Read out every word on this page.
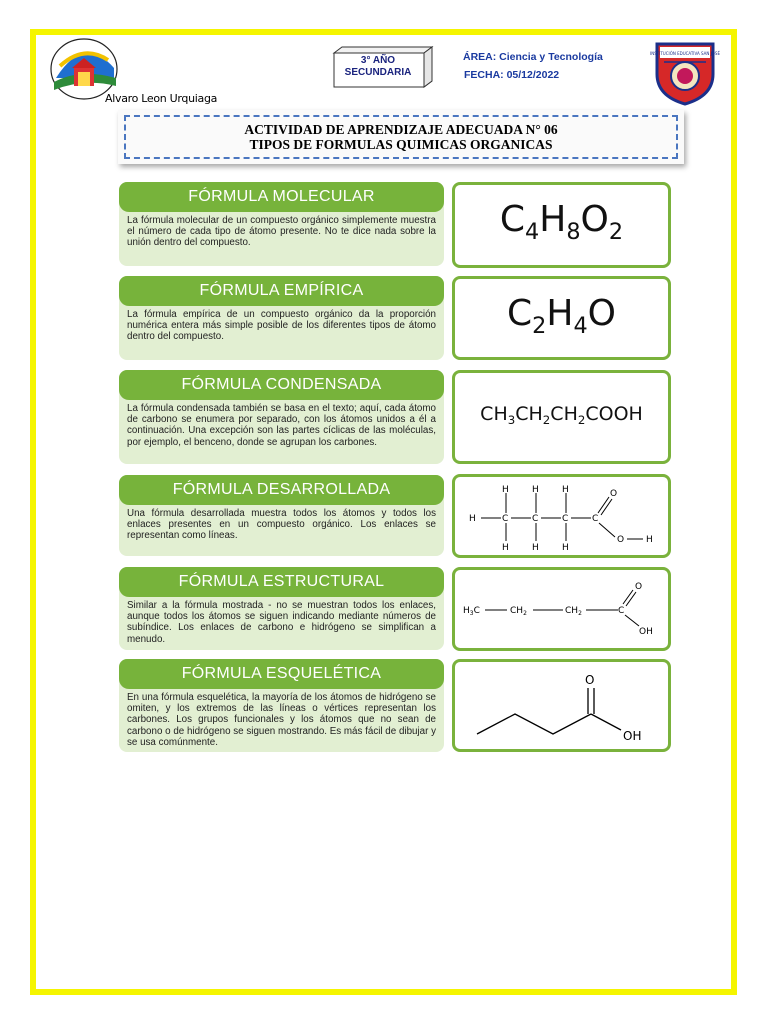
Alvaro Leon Urquiaga
3° AÑO
SECUNDARIA
ÁREA: Ciencia y Tecnología
FECHA: 05/12/2022
INSTITUCIÓN EDUCATIVA SAN JOSÉ
ACTIVIDAD DE APRENDIZAJE ADECUADA N° 06
TIPOS DE FORMULAS QUIMICAS ORGANICAS
FÓRMULA MOLECULAR
La fórmula molecular de un compuesto orgánico simplemente muestra el número de cada tipo de átomo presente. No te dice nada sobre la unión dentro del compuesto.
$C_4H_8O_2$
FÓRMULA EMPÍRICA
La fórmula empírica de un compuesto orgánico da la proporción numérica entera más simple posible de los diferentes tipos de átomo dentro del compuesto.
$C_2H_4O$
FÓRMULA CONDENSADA
La fórmula condensada también se basa en el texto; aquí, cada átomo de carbono se enumera por separado, con los átomos unidos a él a continuación. Una excepción son las partes cíclicas de las moléculas, por ejemplo, el benceno, donde se agrupan los carbones.
$CH_3CH_2CH_2COOH$
FÓRMULA DESARROLLADA
Una fórmula desarrollada muestra todos los átomos y todos los enlaces presentes en un compuesto orgánico. Los enlaces se representan como líneas.
H	C	C	C	C
H	H	H
H	H	H
O
O H
FÓRMULA ESTRUCTURAL
Similar a la fórmula mostrada - no se muestran todos los enlaces, aunque todos los átomos se siguen indicando mediante números de subíndice. Los enlaces de carbono e hidrógeno se simplifican a menudo.
$H_3C$	$CH_2$	$CH_2$	C
O
OH
FÓRMULA ESQUELÉTICA
En una fórmula esquelética, la mayoría de los átomos de hidrógeno se omiten, y los extremos de las líneas o vértices representan los carbones. Los grupos funcionales y los átomos que no sean de carbono o de hidrógeno se siguen mostrando. Es más fácil de dibujar y se usa comúnmente.
O
OH
